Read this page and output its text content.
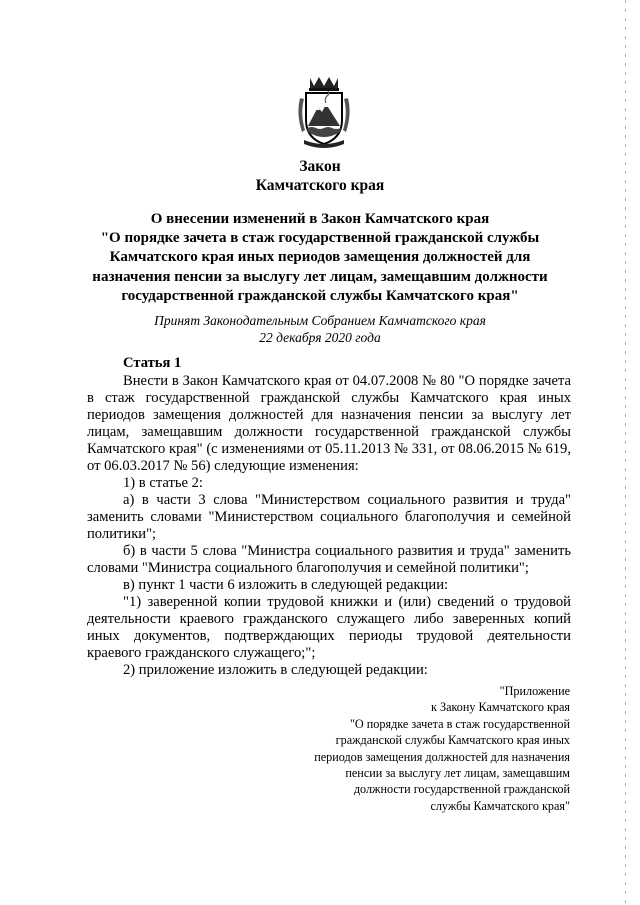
Закон
Камчатского края
О внесении изменений в Закон Камчатского края
"О порядке зачета в стаж государственной гражданской службы
Камчатского края иных периодов замещения должностей для
назначения пенсии за выслугу лет лицам, замещавшим должности
государственной гражданской службы Камчатского края"
Принят Законодательным Собранием Камчатского края
22 декабря 2020 года

Статья 1

Внести в Закон Камчатского края от 04.07.2008 № 80 "О порядке зачета в стаж государственной гражданской службы Камчатского края иных периодов замещения должностей для назначения пенсии за выслугу лет лицам, замещавшим должности государственной гражданской службы Камчатского края" (с изменениями от 05.11.2013 № 331, от 08.06.2015 № 619, от 06.03.2017 № 56) следующие изменения:

1) в статье 2:

а) в части 3 слова "Министерством социального развития и труда" заменить словами "Министерством социального благополучия и семейной политики";

б) в части 5 слова "Министра социального развития и труда" заменить словами "Министра социального благополучия и семейной политики";

в) пункт 1 части 6 изложить в следующей редакции:

"1) заверенной копии трудовой книжки и (или) сведений о трудовой деятельности краевого гражданского служащего либо заверенных копий иных документов, подтверждающих периоды трудовой деятельности краевого гражданского служащего;";

2) приложение изложить в следующей редакции:

"Приложение
к Закону Камчатского края
"О порядке зачета в стаж государственной
гражданской службы Камчатского края иных
периодов замещения должностей для назначения
пенсии за выслугу лет лицам, замещавшим
должности государственной гражданской
службы Камчатского края"
